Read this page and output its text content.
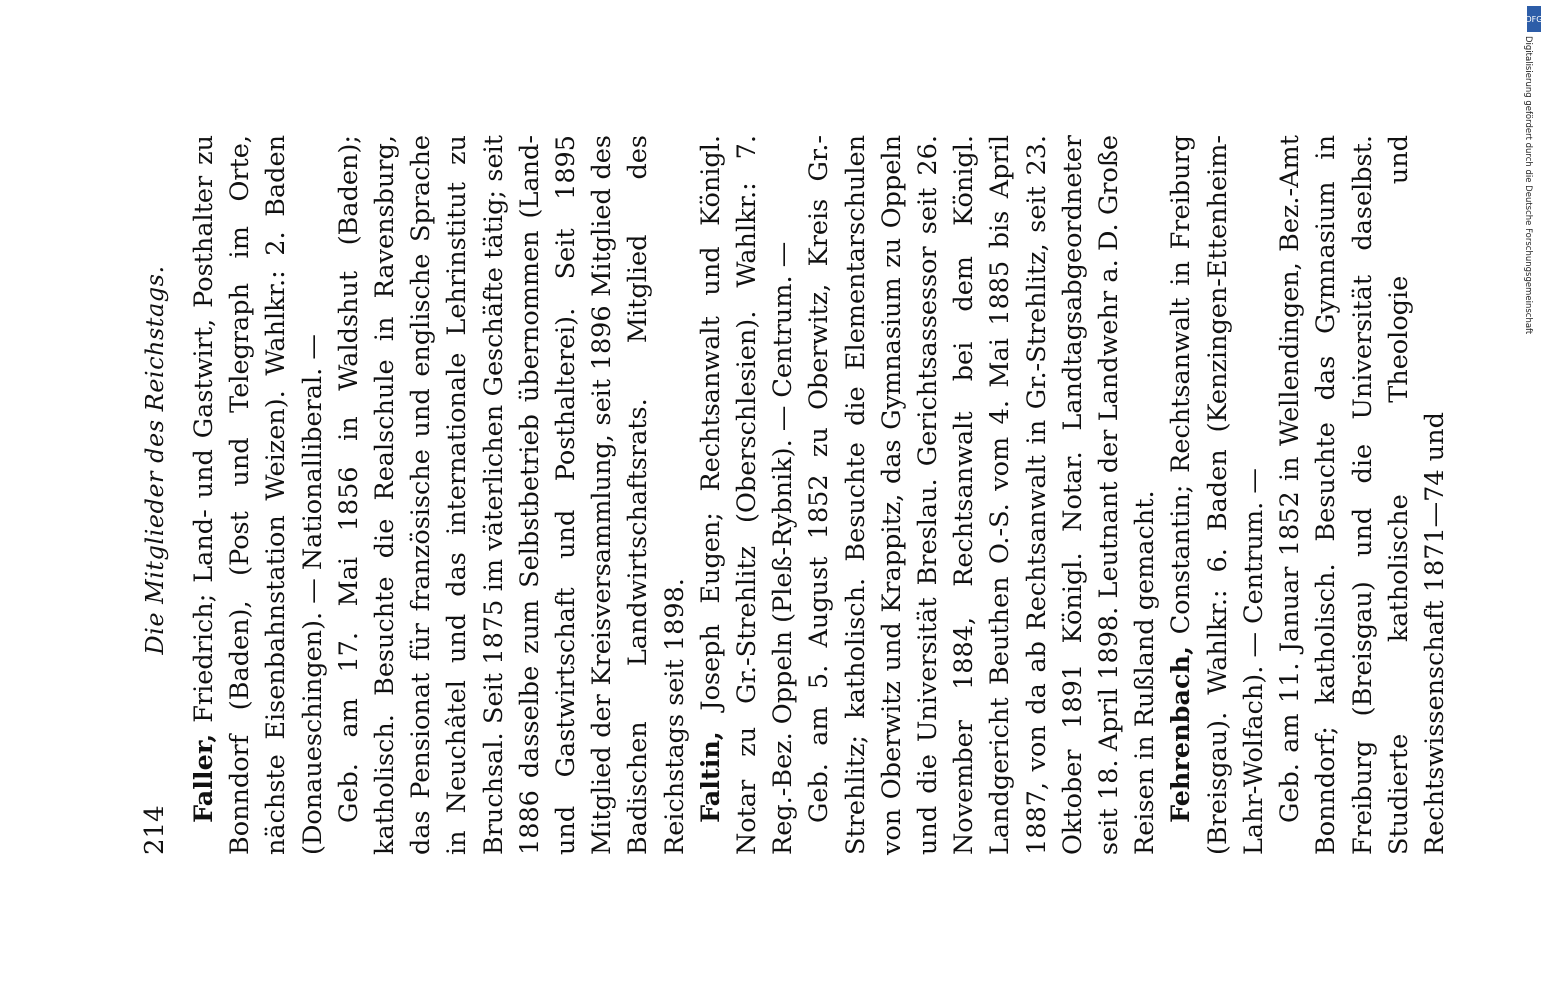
214
Die Mitglieder des Reichstags.

Faller, Friedrich; Land- und Gastwirt, Posthalter zu Bonndorf (Baden), (Post und Telegraph im Orte, nächste Eisenbahnstation Weizen). Wahlkr.: 2. Baden (Donaueschingen). — Nationalliberal. — Geb. am 17. Mai 1856 in Waldshut (Baden); katholisch. Besuchte die Realschule in Ravensburg, das Pensionat für französische und englische Sprache in Neuchâtel und das internationale Lehrinstitut zu Bruchsal. Seit 1875 im väterlichen Geschäfte tätig; seit 1886 dasselbe zum Selbstbetrieb übernommen (Land- und Gastwirtschaft und Posthalterei). Seit 1895 Mitglied der Kreisversammlung, seit 1896 Mitglied des Badischen Landwirtschaftsrats. Mitglied des Reichstags seit 1898. Faltin, Joseph Eugen; Rechtsanwalt und Königl. Notar zu Gr.-Strehlitz (Oberschlesien). Wahlkr.: 7. Reg.-Bez. Oppeln (Pleß-Rybnik). — Centrum. — Geb. am 5. August 1852 zu Oberwitz, Kreis Gr.-Strehlitz; katholisch. Besuchte die Elementarschulen von Oberwitz und Krappitz, das Gymnasium zu Oppeln und die Universität Breslau. Gerichtsassessor seit 26. November 1884, Rechtsanwalt bei dem Königl. Landgericht Beuthen O.-S. vom 4. Mai 1885 bis April 1887, von da ab Rechtsanwalt in Gr.-Strehlitz, seit 23. Oktober 1891 Königl. Notar. Landtagsabgeordneter seit 18. April 1898. Leutnant der Landwehr a. D. Große Reisen in Rußland gemacht. Fehrenbach, Constantin; Rechtsanwalt in Freiburg (Breisgau). Wahlkr.: 6. Baden (Kenzingen-Ettenheim-Lahr-Wolfach). — Centrum. — Geb. am 11. Januar 1852 in Wellendingen, Bez.-Amt Bonndorf; katholisch. Besuchte das Gymnasium in Freiburg (Breisgau) und die Universität daselbst. Studierte katholische Theologie und Rechtswissenschaft 1871—74 und

DFG
Digitalisierung gefördert durch die Deutsche Forschungsgemeinschaft
